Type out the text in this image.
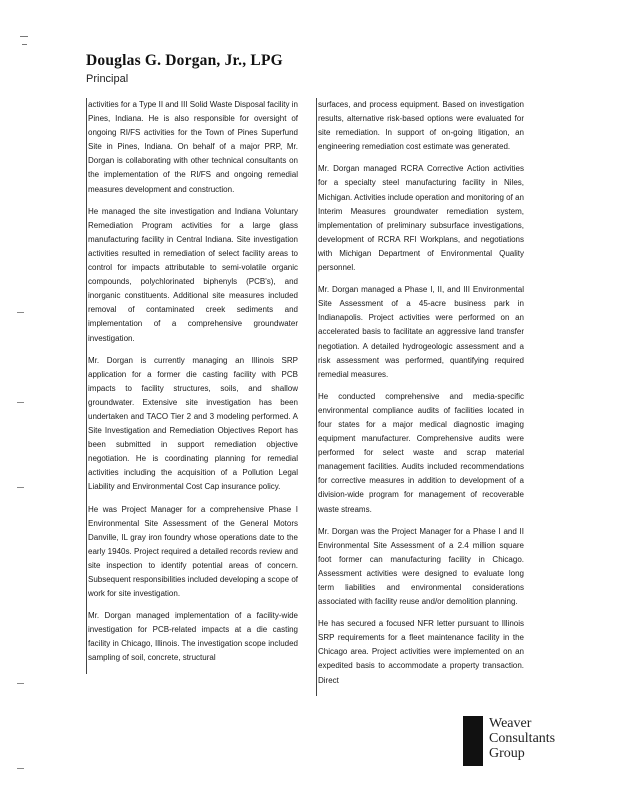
Douglas G. Dorgan, Jr., LPG
Principal

activities for a Type II and III Solid Waste Disposal facility in Pines, Indiana. He is also responsible for oversight of ongoing RI/FS activities for the Town of Pines Superfund Site in Pines, Indiana. On behalf of a major PRP, Mr. Dorgan is collaborating with other technical consultants on the implementation of the RI/FS and ongoing remedial measures development and construction.

He managed the site investigation and Indiana Voluntary Remediation Program activities for a large glass manufacturing facility in Central Indiana. Site investigation activities resulted in remediation of select facility areas to control for impacts attributable to semi-volatile organic compounds, polychlorinated biphenyls (PCB's), and inorganic constituents. Additional site measures included removal of contaminated creek sediments and implementation of a comprehensive groundwater investigation.

Mr. Dorgan is currently managing an Illinois SRP application for a former die casting facility with PCB impacts to facility structures, soils, and shallow groundwater. Extensive site investigation has been undertaken and TACO Tier 2 and 3 modeling performed. A Site Investigation and Remediation Objectives Report has been submitted in support remediation objective negotiation. He is coordinating planning for remedial activities including the acquisition of a Pollution Legal Liability and Environmental Cost Cap insurance policy.

He was Project Manager for a comprehensive Phase I Environmental Site Assessment of the General Motors Danville, IL gray iron foundry whose operations date to the early 1940s. Project required a detailed records review and site inspection to identify potential areas of concern. Subsequent responsibilities included developing a scope of work for site investigation.

Mr. Dorgan managed implementation of a facility-wide investigation for PCB-related impacts at a die casting facility in Chicago, Illinois. The investigation scope included sampling of soil, concrete, structural

surfaces, and process equipment. Based on investigation results, alternative risk-based options were evaluated for site remediation. In support of on-going litigation, an engineering remediation cost estimate was generated.

Mr. Dorgan managed RCRA Corrective Action activities for a specialty steel manufacturing facility in Niles, Michigan. Activities include operation and monitoring of an Interim Measures groundwater remediation system, implementation of preliminary subsurface investigations, development of RCRA RFI Workplans, and negotiations with Michigan Department of Environmental Quality personnel.

Mr. Dorgan managed a Phase I, II, and III Environmental Site Assessment of a 45-acre business park in Indianapolis. Project activities were performed on an accelerated basis to facilitate an aggressive land transfer negotiation. A detailed hydrogeologic assessment and a risk assessment was performed, quantifying required remedial measures.

He conducted comprehensive and media-specific environmental compliance audits of facilities located in four states for a major medical diagnostic imaging equipment manufacturer. Comprehensive audits were performed for select waste and scrap material management facilities. Audits included recommendations for corrective measures in addition to development of a division-wide program for management of recoverable waste streams.

Mr. Dorgan was the Project Manager for a Phase I and II Environmental Site Assessment of a 2.4 million square foot former can manufacturing facility in Chicago. Assessment activities were designed to evaluate long term liabilities and environmental considerations associated with facility reuse and/or demolition planning.

He has secured a focused NFR letter pursuant to Illinois SRP requirements for a fleet maintenance facility in the Chicago area. Project activities were implemented on an expedited basis to accommodate a property transaction. Direct

Weaver
Consultants
Group
